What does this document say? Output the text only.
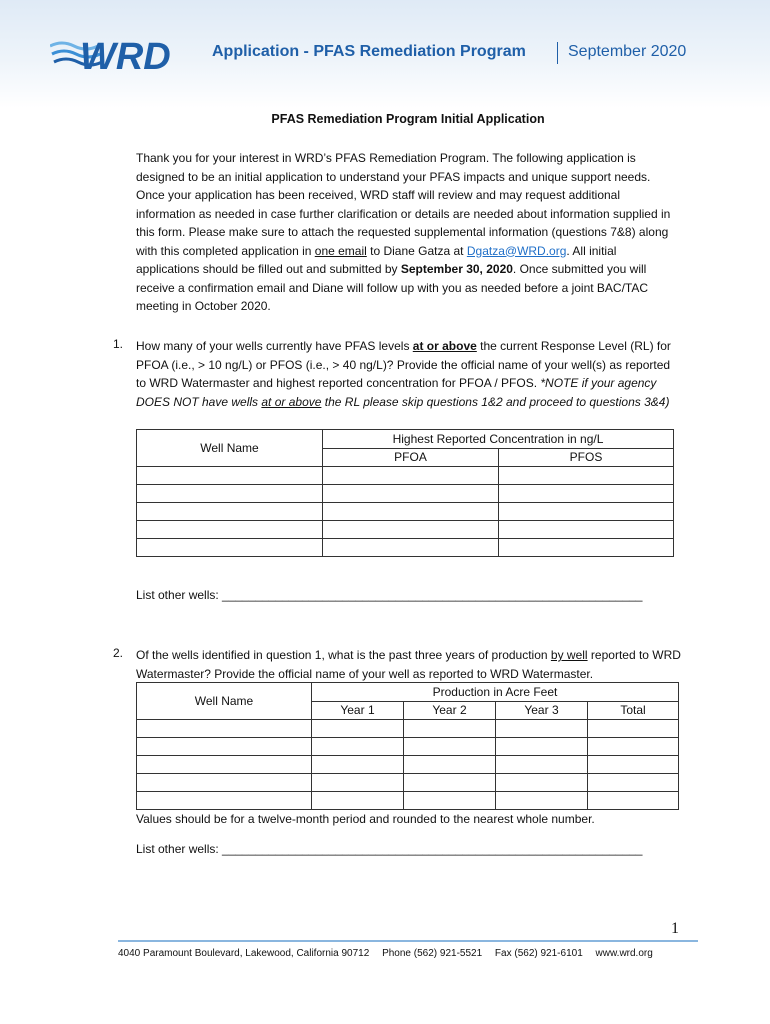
WRD	Application - PFAS Remediation Program	September 2020
PFAS Remediation Program Initial Application
Thank you for your interest in WRD’s PFAS Remediation Program. The following application is designed to be an initial application to understand your PFAS impacts and unique support needs. Once your application has been received, WRD staff will review and may request additional information as needed in case further clarification or details are needed about information supplied in this form. Please make sure to attach the requested supplemental information (questions 7&8) along with this completed application in one email to Diane Gatza at Dgatza@WRD.org. All initial applications should be filled out and submitted by September 30, 2020. Once submitted you will receive a confirmation email and Diane will follow up with you as needed before a joint BAC/TAC meeting in October 2020.
1. How many of your wells currently have PFAS levels at or above the current Response Level (RL) for PFOA (i.e., > 10 ng/L) or PFOS (i.e., > 40 ng/L)? Provide the official name of your well(s) as reported to WRD Watermaster and highest reported concentration for PFOA / PFOS. *NOTE if your agency DOES NOT have wells at or above the RL please skip questions 1&2 and proceed to questions 3&4)
Well Name	Highest Reported Concentration in ng/L	
	PFOA	PFOS

List other wells: _______________________________________________________________
2. Of the wells identified in question 1, what is the past three years of production by well reported to WRD Watermaster? Provide the official name of your well as reported to WRD Watermaster.
Well Name	Production in Acre Feet			
	Year 1	Year 2	Year 3	Total

Values should be for a twelve-month period and rounded to the nearest whole number.
List other wells: _______________________________________________________________
1
4040 Paramount Boulevard, Lakewood, California 90712 Phone (562) 921-5521 Fax (562) 921-6101 www.wrd.org
